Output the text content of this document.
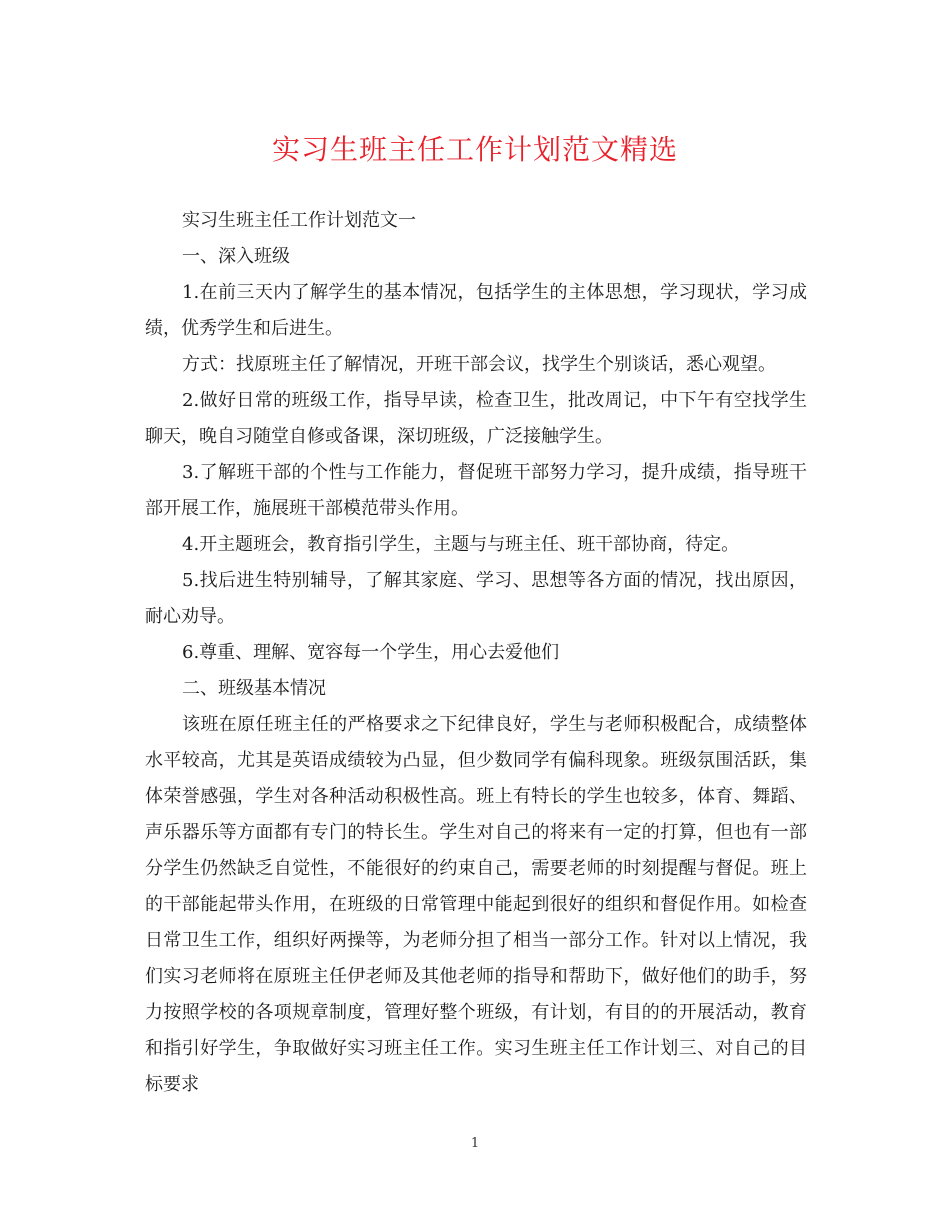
实习生班主任工作计划范文精选

实习生班主任工作计划范文一

一、深入班级

1.在前三天内了解学生的基本情况，包括学生的主体思想，学习现状，学习成绩，优秀学生和后进生。

方式：找原班主任了解情况，开班干部会议，找学生个别谈话，悉心观望。

2.做好日常的班级工作，指导早读，检查卫生，批改周记，中下午有空找学生聊天，晚自习随堂自修或备课，深切班级，广泛接触学生。

3.了解班干部的个性与工作能力，督促班干部努力学习，提升成绩，指导班干部开展工作，施展班干部模范带头作用。

4.开主题班会，教育指引学生，主题与与班主任、班干部协商，待定。

5.找后进生特别辅导，了解其家庭、学习、思想等各方面的情况，找出原因，耐心劝导。

6.尊重、理解、宽容每一个学生，用心去爱他们

二、班级基本情况

该班在原任班主任的严格要求之下纪律良好，学生与老师积极配合，成绩整体水平较高，尤其是英语成绩较为凸显，但少数同学有偏科现象。班级氛围活跃，集体荣誉感强，学生对各种活动积极性高。班上有特长的学生也较多，体育、舞蹈、声乐器乐等方面都有专门的特长生。学生对自己的将来有一定的打算，但也有一部分学生仍然缺乏自觉性，不能很好的约束自己，需要老师的时刻提醒与督促。班上的干部能起带头作用，在班级的日常管理中能起到很好的组织和督促作用。如检查日常卫生工作，组织好两操等，为老师分担了相当一部分工作。针对以上情况，我们实习老师将在原班主任伊老师及其他老师的指导和帮助下，做好他们的助手，努力按照学校的各项规章制度，管理好整个班级，有计划，有目的的开展活动，教育和指引好学生，争取做好实习班主任工作。实习生班主任工作计划三、对自己的目标要求

1
